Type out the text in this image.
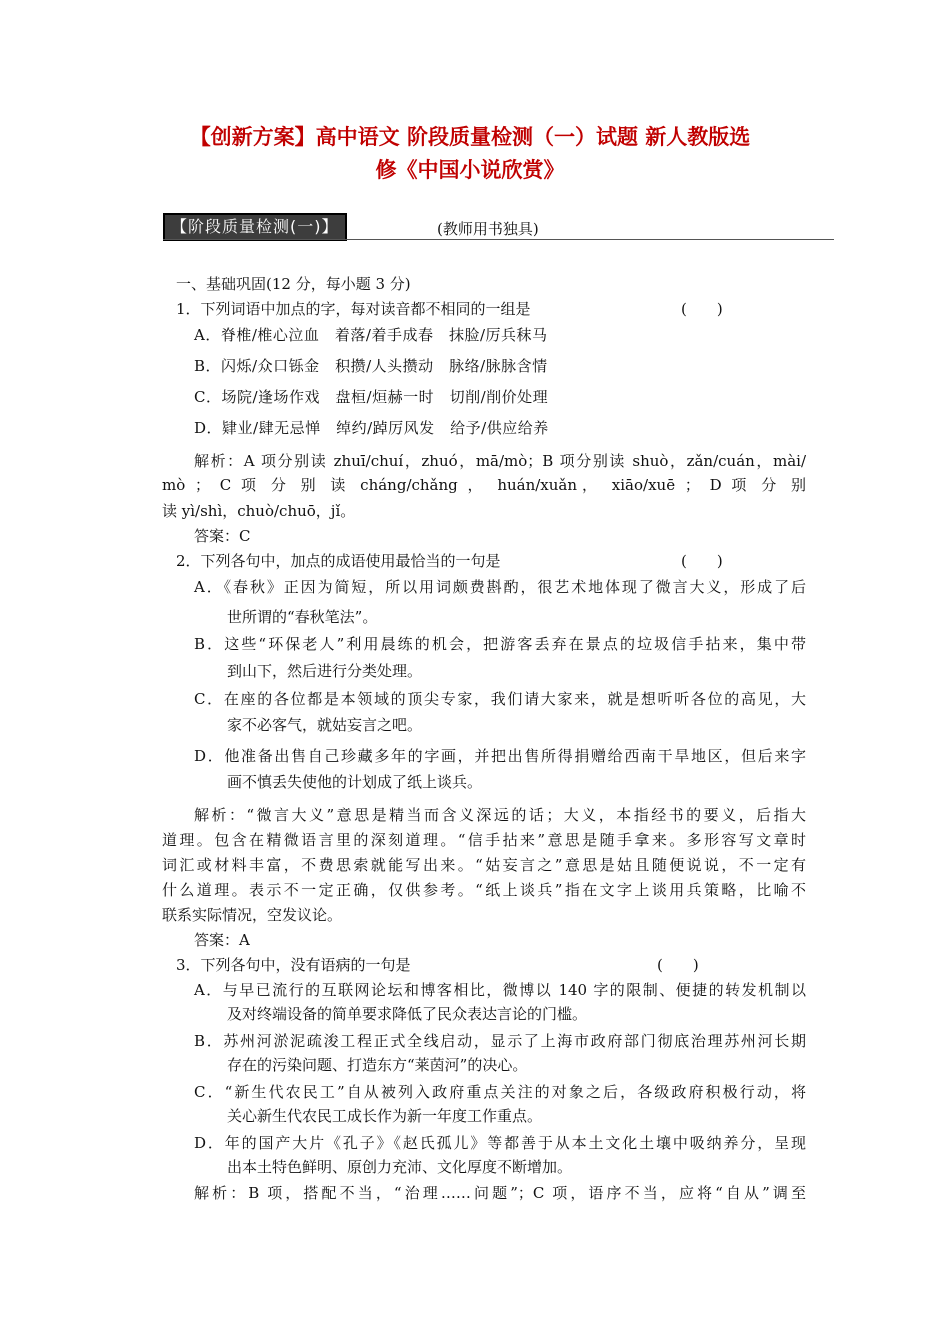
【创新方案】高中语文 阶段质量检测（一）试题 新人教版选
修《中国小说欣赏》
【阶段质量检测(一)】	(教师用书独具)
一、基础巩固(12 分，每小题 3 分)
1．下列词语中加点的字，每对读音都不相同的一组是	(　　)
A．脊椎/椎心泣血　着落/着手成春　抹脸/厉兵秣马
B．闪烁/众口铄金　积攒/人头攒动　脉络/脉脉含情
C．场院/逢场作戏　盘桓/烜赫一时　切削/削价处理
D．肄业/肆无忌惮　绰约/踔厉风发　给予/供应给养
解析：A 项分别读 zhuī/chuí，zhuó，mā/mò；B 项分别读 shuò，zǎn/cuán，mài/
mò ； C 项 分 别 读 cháng/chǎng ， huán/xuǎn， xiāo/xuē ； D 项 分 别
读 yì/shì，chuò/chuō，jǐ。
答案：C
2．下列各句中，加点的成语使用最恰当的一句是	(　　)
A．《春秋》正因为简短，所以用词颇费斟酌，很艺术地体现了微言大义，形成了后
世所谓的“春秋笔法”。
B．这些“环保老人”利用晨练的机会，把游客丢弃在景点的垃圾信手拈来，集中带
到山下，然后进行分类处理。
C．在座的各位都是本领域的顶尖专家，我们请大家来，就是想听听各位的高见，大
家不必客气，就姑妄言之吧。
D．他准备出售自己珍藏多年的字画，并把出售所得捐赠给西南干旱地区，但后来字
画不慎丢失使他的计划成了纸上谈兵。
解析：“微言大义”意思是精当而含义深远的话；大义，本指经书的要义，后指大
道理。包含在精微语言里的深刻道理。“信手拈来”意思是随手拿来。多形容写文章时
词汇或材料丰富，不费思索就能写出来。“姑妄言之”意思是姑且随便说说，不一定有
什么道理。表示不一定正确，仅供参考。“纸上谈兵”指在文字上谈用兵策略，比喻不
联系实际情况，空发议论。
答案：A
3．下列各句中，没有语病的一句是	(　　)
A．与早已流行的互联网论坛和博客相比，微博以 140 字的限制、便捷的转发机制以
及对终端设备的简单要求降低了民众表达言论的门槛。
B．苏州河淤泥疏浚工程正式全线启动，显示了上海市政府部门彻底治理苏州河长期
存在的污染问题、打造东方“莱茵河”的决心。
C．“新生代农民工”自从被列入政府重点关注的对象之后，各级政府积极行动，将
关心新生代农民工成长作为新一年度工作重点。
D．年的国产大片《孔子》《赵氏孤儿》等都善于从本土文化土壤中吸纳养分，呈现
出本土特色鲜明、原创力充沛、文化厚度不断增加。
解析：B 项，搭配不当，“治理……问题”；C 项，语序不当，应将“自从”调至
